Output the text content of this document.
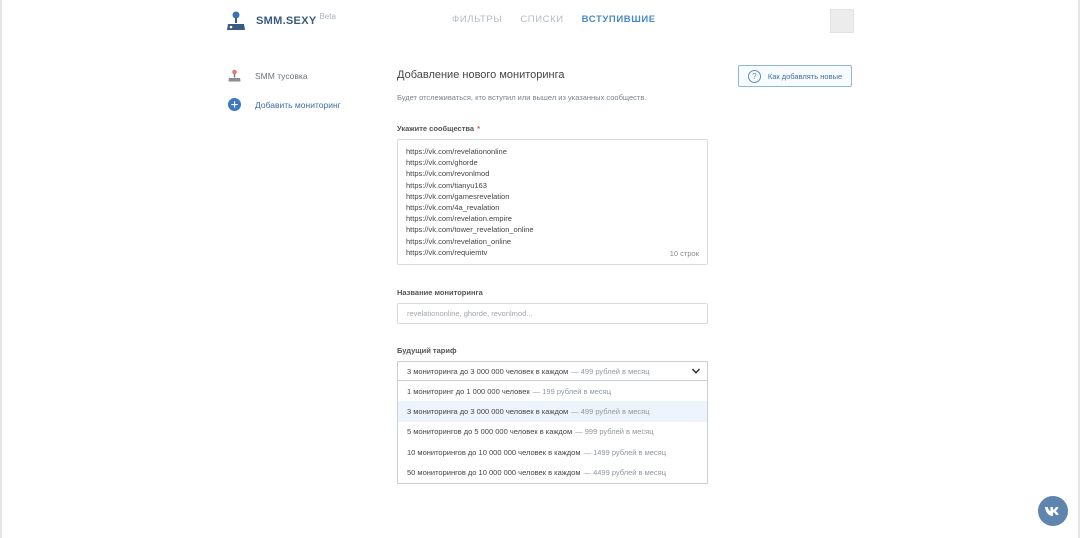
SMM.SEXY Beta	ФИЛЬТРЫ СПИСКИ ВСТУПИВШИЕ
SMM тусовка
Добавить мониторинг
Добавление нового мониторинга
Будет отслеживаться, кто вступил или вышел из указанных сообществ.
?	Как добавлять новые
Укажите сообщества *
https://vk.com/revelationonline
https://vk.com/ghorde
https://vk.com/revonlmod
https://vk.com/tianyu163
https://vk.com/gamesrevelation
https://vk.com/4a_revalation
https://vk.com/revelation.empire
https://vk.com/tower_revelation_online
https://vk.com/revelation_online
https://vk.com/requiemtv	10 строк
Название мониторинга
revelationonline, ghorde, revonlmod...
Будущий тариф
3 мониторинга до 3 000 000 человек в каждом — 499 рублей в месяц
1 мониторинг до 1 000 000 человек — 199 рублей в месяц
3 мониторинга до 3 000 000 человек в каждом — 499 рублей в месяц
5 мониторингов до 5 000 000 человек в каждом — 999 рублей в месяц
10 мониторингов до 10 000 000 человек в каждом — 1499 рублей в месяц
50 мониторингов до 10 000 000 человек в каждом — 4499 рублей в месяц
